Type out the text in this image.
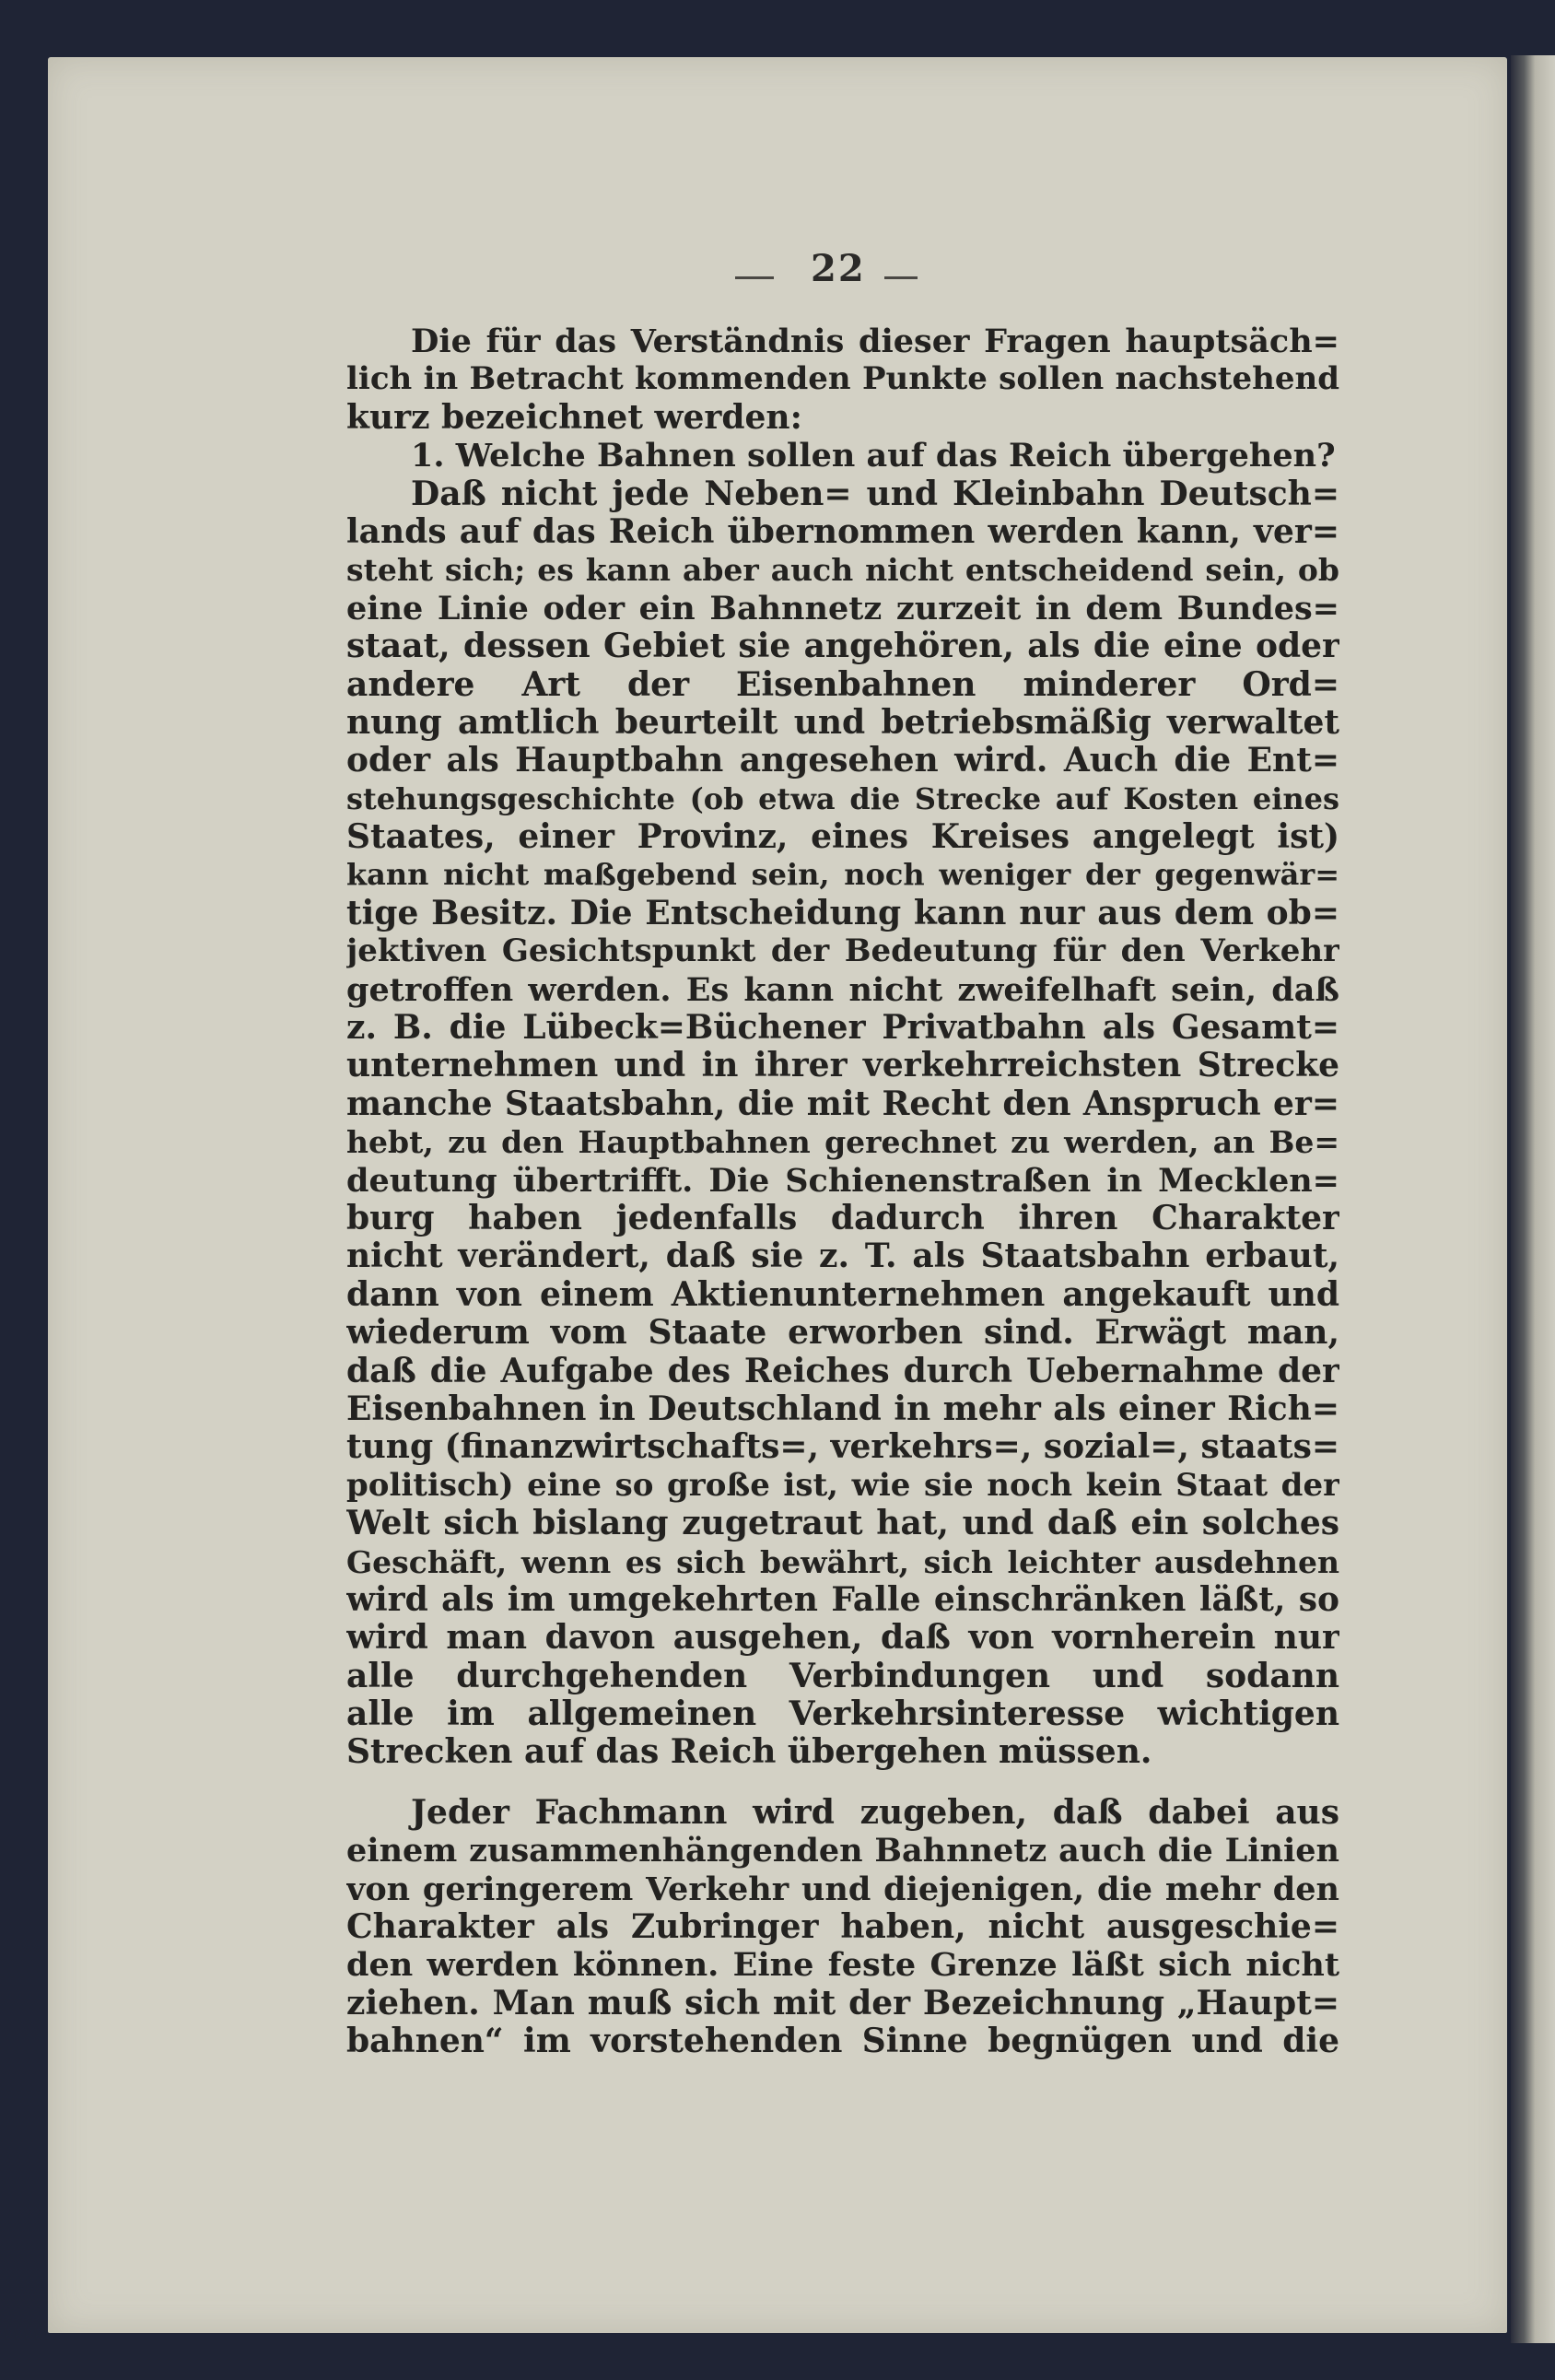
22
Die für das Verständnis dieser Fragen hauptsäch=
lich in Betracht kommenden Punkte sollen nachstehend
kurz bezeichnet werden:
1. Welche Bahnen sollen auf das Reich übergehen?
Daß nicht jede Neben= und Kleinbahn Deutsch=
lands auf das Reich übernommen werden kann, ver=
steht sich; es kann aber auch nicht entscheidend sein, ob
eine Linie oder ein Bahnnetz zurzeit in dem Bundes=
staat, dessen Gebiet sie angehören, als die eine oder
andere Art der Eisenbahnen minderer Ord=
nung amtlich beurteilt und betriebsmäßig verwaltet
oder als Hauptbahn angesehen wird. Auch die Ent=
stehungsgeschichte (ob etwa die Strecke auf Kosten eines
Staates, einer Provinz, eines Kreises angelegt ist)
kann nicht maßgebend sein, noch weniger der gegenwär=
tige Besitz. Die Entscheidung kann nur aus dem ob=
jektiven Gesichtspunkt der Bedeutung für den Verkehr
getroffen werden. Es kann nicht zweifelhaft sein, daß
z. B. die Lübeck=Büchener Privatbahn als Gesamt=
unternehmen und in ihrer verkehrreichsten Strecke
manche Staatsbahn, die mit Recht den Anspruch er=
hebt, zu den Hauptbahnen gerechnet zu werden, an Be=
deutung übertrifft. Die Schienenstraßen in Mecklen=
burg haben jedenfalls dadurch ihren Charakter
nicht verändert, daß sie z. T. als Staatsbahn erbaut,
dann von einem Aktienunternehmen angekauft und
wiederum vom Staate erworben sind. Erwägt man,
daß die Aufgabe des Reiches durch Uebernahme der
Eisenbahnen in Deutschland in mehr als einer Rich=
tung (finanzwirtschafts=, verkehrs=, sozial=, staats=
politisch) eine so große ist, wie sie noch kein Staat der
Welt sich bislang zugetraut hat, und daß ein solches
Geschäft, wenn es sich bewährt, sich leichter ausdehnen
wird als im umgekehrten Falle einschränken läßt, so
wird man davon ausgehen, daß von vornherein nur
alle durchgehenden Verbindungen und sodann
alle im allgemeinen Verkehrsinteresse wichtigen
Strecken auf das Reich übergehen müssen.
Jeder Fachmann wird zugeben, daß dabei aus
einem zusammenhängenden Bahnnetz auch die Linien
von geringerem Verkehr und diejenigen, die mehr den
Charakter als Zubringer haben, nicht ausgeschie=
den werden können. Eine feste Grenze läßt sich nicht
ziehen. Man muß sich mit der Bezeichnung „Haupt=
bahnen“ im vorstehenden Sinne begnügen und die
